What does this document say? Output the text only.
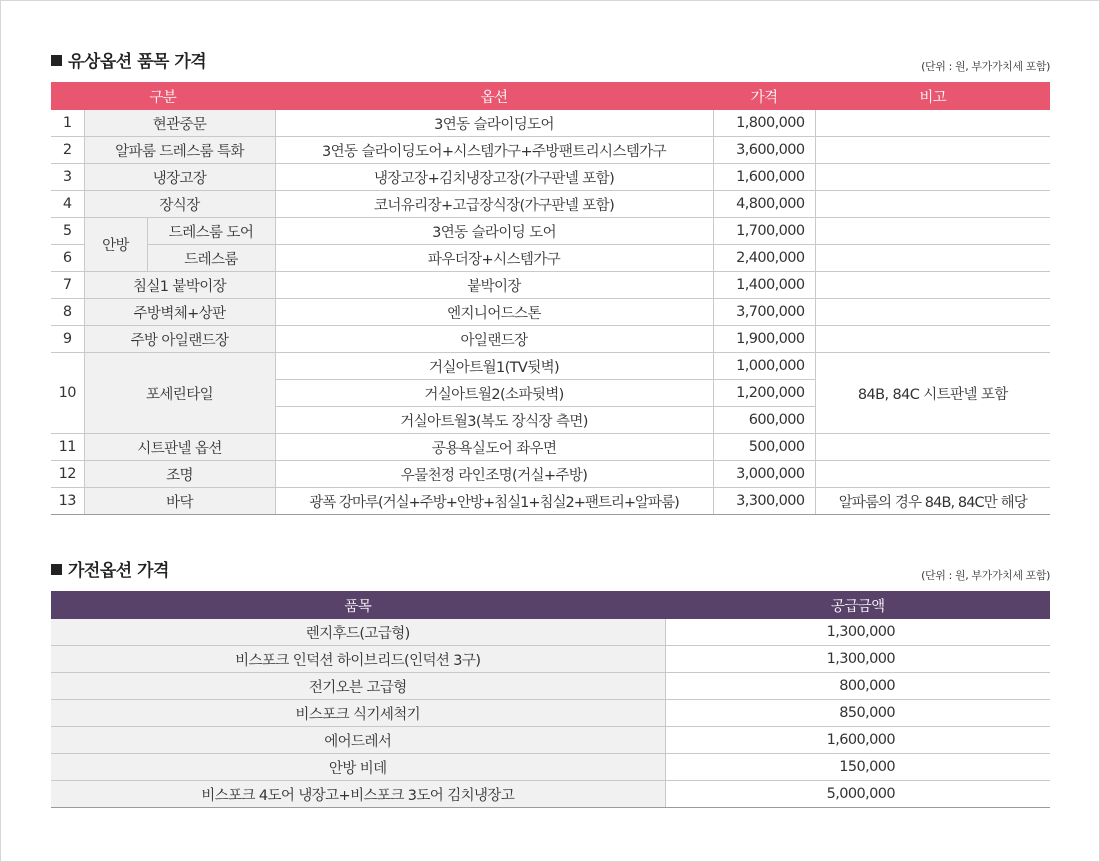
유상옵션 품목 가격	(단위 : 원, 부가가치세 포함)
구분			옵션	가격	비고
1	현관중문		3연동 슬라이딩도어	1,800,000	
2	알파룸 드레스룸 특화		3연동 슬라이딩도어+시스템가구+주방팬트리시스템가구	3,600,000	
3	냉장고장		냉장고장+김치냉장고장(가구판넬 포함)	1,600,000	
4	장식장		코너유리장+고급장식장(가구판넬 포함)	4,800,000	
5	안방	드레스룸 도어	3연동 슬라이딩 도어	1,700,000	
6		드레스룸	파우더장+시스템가구	2,400,000	
7	침실1 붙박이장		붙박이장	1,400,000	
8	주방벽체+상판		엔지니어드스톤	3,700,000	
9	주방 아일랜드장		아일랜드장	1,900,000	
10	포세린타일		거실아트월1(TV뒷벽)	1,000,000	84B, 84C 시트판넬 포함
			거실아트월2(소파뒷벽)	1,200,000	
			거실아트월3(복도 장식장 측면)	600,000	
11	시트판넬 옵션		공용욕실도어 좌우면	500,000	
12	조명		우물천정 라인조명(거실+주방)	3,000,000	
13	바닥		광폭 강마루(거실+주방+안방+침실1+침실2+팬트리+알파룸)	3,300,000	알파룸의 경우 84B, 84C만 해당
가전옵션 가격	(단위 : 원, 부가가치세 포함)
품목	공급금액
렌지후드(고급형)	1,300,000
비스포크 인덕션 하이브리드(인덕션 3구)	1,300,000
전기오븐 고급형	800,000
비스포크 식기세척기	850,000
에어드레서	1,600,000
안방 비데	150,000
비스포크 4도어 냉장고+비스포크 3도어 김치냉장고	5,000,000
